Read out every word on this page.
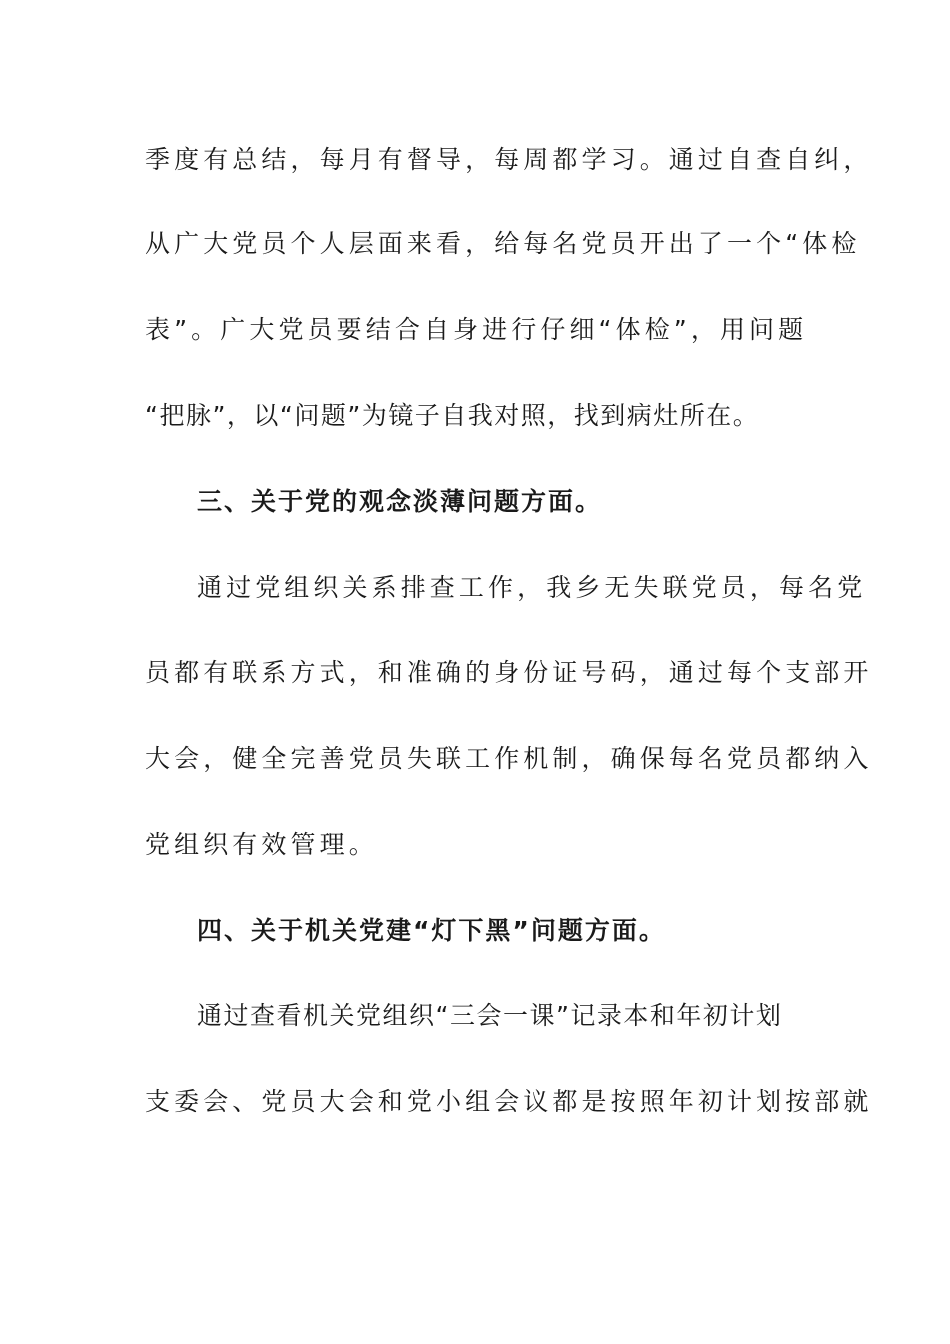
季度有总结，每月有督导，每周都学习。通过自查自纠，
从广大党员个人层面来看，给每名党员开出了一个“体检
表”。广大党员要结合自身进行仔细“体检”，用问题
“把脉”，以“问题”为镜子自我对照，找到病灶所在。
三、关于党的观念淡薄问题方面。
通过党组织关系排查工作，我乡无失联党员，每名党
员都有联系方式，和准确的身份证号码，通过每个支部开
大会，健全完善党员失联工作机制，确保每名党员都纳入
党组织有效管理。
四、关于机关党建“灯下黑”问题方面。
通过查看机关党组织“三会一课”记录本和年初计划
支委会、党员大会和党小组会议都是按照年初计划按部就
